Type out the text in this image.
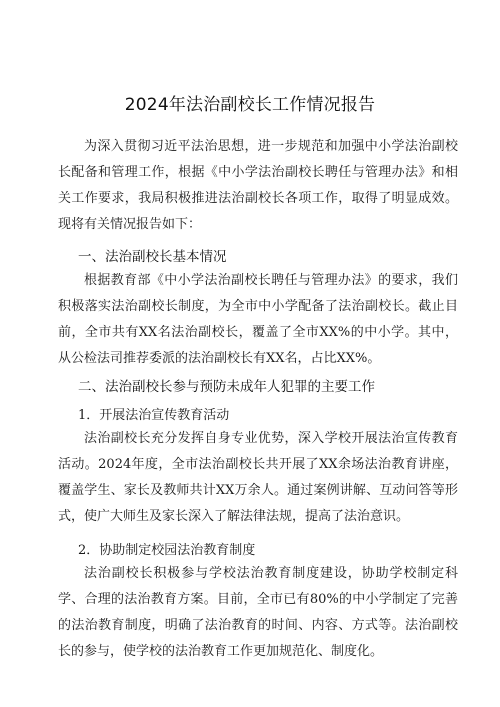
2024年法治副校长工作情况报告

为深入贯彻习近平法治思想，进一步规范和加强中小学法治副校长配备和管理工作，根据《中小学法治副校长聘任与管理办法》和相关工作要求，我局积极推进法治副校长各项工作，取得了明显成效。现将有关情况报告如下：

一、法治副校长基本情况

根据教育部《中小学法治副校长聘任与管理办法》的要求，我们积极落实法治副校长制度，为全市中小学配备了法治副校长。截止目前，全市共有XX名法治副校长，覆盖了全市XX%的中小学。其中，从公检法司推荐委派的法治副校长有XX名，占比XX%。

二、法治副校长参与预防未成年人犯罪的主要工作
1．开展法治宣传教育活动

法治副校长充分发挥自身专业优势，深入学校开展法治宣传教育活动。2024年度，全市法治副校长共开展了XX余场法治教育讲座，覆盖学生、家长及教师共计XX万余人。通过案例讲解、互动问答等形式，使广大师生及家长深入了解法律法规，提高了法治意识。

2．协助制定校园法治教育制度

法治副校长积极参与学校法治教育制度建设，协助学校制定科学、合理的法治教育方案。目前，全市已有80%的中小学制定了完善的法治教育制度，明确了法治教育的时间、内容、方式等。法治副校长的参与，使学校的法治教育工作更加规范化、制度化。
